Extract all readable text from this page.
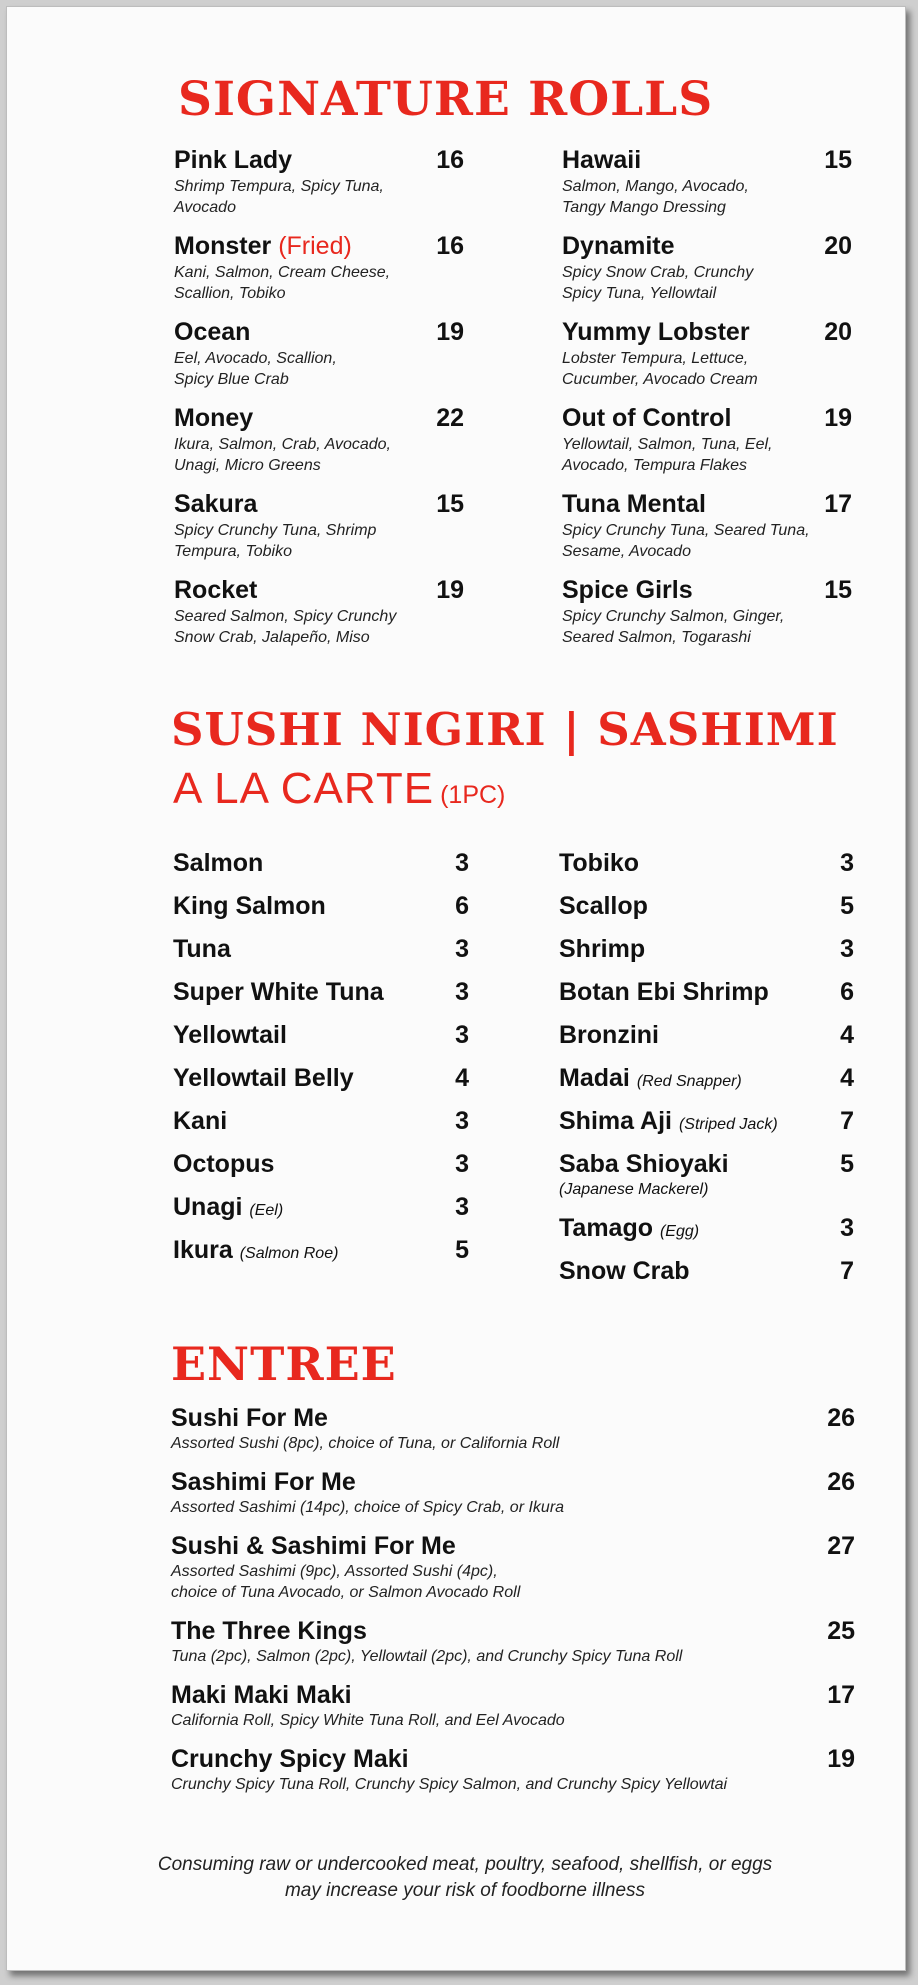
SIGNATURE ROLLS
Pink Lady	16
Shrimp Tempura, Spicy Tuna,
Avocado
Monster (Fried)	16
Kani, Salmon, Cream Cheese,
Scallion, Tobiko
Ocean	19
Eel, Avocado, Scallion,
Spicy Blue Crab
Money	22
Ikura, Salmon, Crab, Avocado,
Unagi, Micro Greens
Sakura	15
Spicy Crunchy Tuna, Shrimp
Tempura, Tobiko
Rocket	19
Seared Salmon, Spicy Crunchy
Snow Crab, Jalapeño, Miso
Hawaii	15
Salmon, Mango, Avocado,
Tangy Mango Dressing
Dynamite	20
Spicy Snow Crab, Crunchy
Spicy Tuna, Yellowtail
Yummy Lobster	20
Lobster Tempura, Lettuce,
Cucumber, Avocado Cream
Out of Control	19
Yellowtail, Salmon, Tuna, Eel,
Avocado, Tempura Flakes
Tuna Mental	17
Spicy Crunchy Tuna, Seared Tuna,
Sesame, Avocado
Spice Girls	15
Spicy Crunchy Salmon, Ginger,
Seared Salmon, Togarashi
SUSHI NIGIRI | SASHIMI
A LA CARTE (1PC)
Salmon	3
King Salmon	6
Tuna	3
Super White Tuna	3
Yellowtail	3
Yellowtail Belly	4
Kani	3
Octopus	3
Unagi (Eel)	3
Ikura (Salmon Roe)	5
Tobiko	3
Scallop	5
Shrimp	3
Botan Ebi Shrimp	6
Bronzini	4
Madai (Red Snapper)	4
Shima Aji (Striped Jack) 7
Saba Shioyaki	5
(Japanese Mackerel)
Tamago (Egg)	3
Snow Crab	7
ENTREE
Sushi For Me	26
Assorted Sushi (8pc), choice of Tuna, or California Roll
Sashimi For Me	26
Assorted Sashimi (14pc), choice of Spicy Crab, or Ikura
Sushi & Sashimi For Me	27
Assorted Sashimi (9pc), Assorted Sushi (4pc),
choice of Tuna Avocado, or Salmon Avocado Roll
The Three Kings	25
Tuna (2pc), Salmon (2pc), Yellowtail (2pc), and Crunchy Spicy Tuna Roll
Maki Maki Maki	17
California Roll, Spicy White Tuna Roll, and Eel Avocado
Crunchy Spicy Maki	19
Crunchy Spicy Tuna Roll, Crunchy Spicy Salmon, and Crunchy Spicy Yellowtai
Consuming raw or undercooked meat, poultry, seafood, shellfish, or eggs
may increase your risk of foodborne illness
